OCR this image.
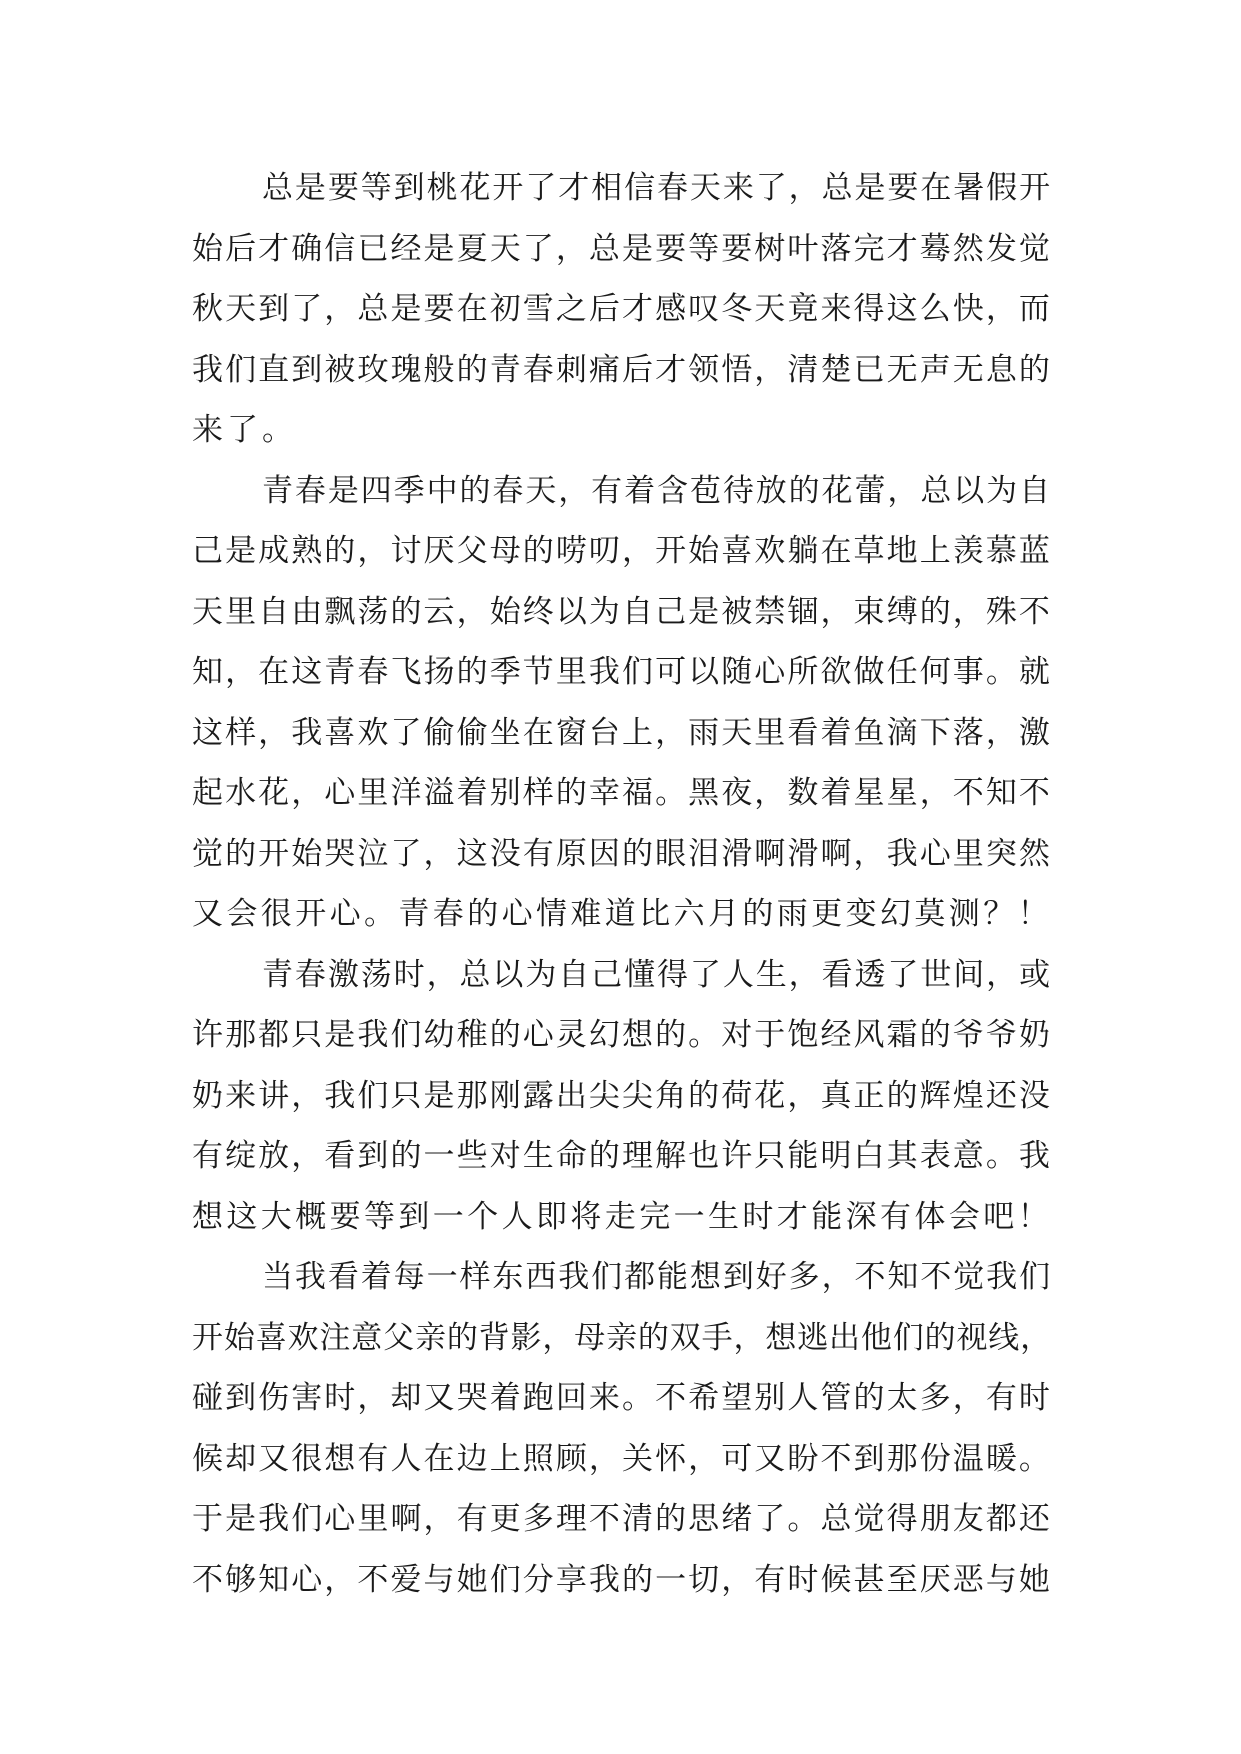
总是要等到桃花开了才相信春天来了，总是要在暑假开
始后才确信已经是夏天了，总是要等要树叶落完才蓦然发觉
秋天到了，总是要在初雪之后才感叹冬天竟来得这么快，而
我们直到被玫瑰般的青春刺痛后才领悟，清楚已无声无息的
来了。
青春是四季中的春天，有着含苞待放的花蕾，总以为自
己是成熟的，讨厌父母的唠叨，开始喜欢躺在草地上羡慕蓝
天里自由飘荡的云，始终以为自己是被禁锢，束缚的，殊不
知，在这青春飞扬的季节里我们可以随心所欲做任何事。就
这样，我喜欢了偷偷坐在窗台上，雨天里看着鱼滴下落，激
起水花，心里洋溢着别样的幸福。黑夜，数着星星，不知不
觉的开始哭泣了，这没有原因的眼泪滑啊滑啊，我心里突然
又会很开心。青春的心情难道比六月的雨更变幻莫测？！
青春激荡时，总以为自己懂得了人生，看透了世间，或
许那都只是我们幼稚的心灵幻想的。对于饱经风霜的爷爷奶
奶来讲，我们只是那刚露出尖尖角的荷花，真正的辉煌还没
有绽放，看到的一些对生命的理解也许只能明白其表意。我
想这大概要等到一个人即将走完一生时才能深有体会吧！
当我看着每一样东西我们都能想到好多，不知不觉我们
开始喜欢注意父亲的背影，母亲的双手，想逃出他们的视线，
碰到伤害时，却又哭着跑回来。不希望别人管的太多，有时
候却又很想有人在边上照顾，关怀，可又盼不到那份温暖。
于是我们心里啊，有更多理不清的思绪了。总觉得朋友都还
不够知心，不爱与她们分享我的一切，有时候甚至厌恶与她
